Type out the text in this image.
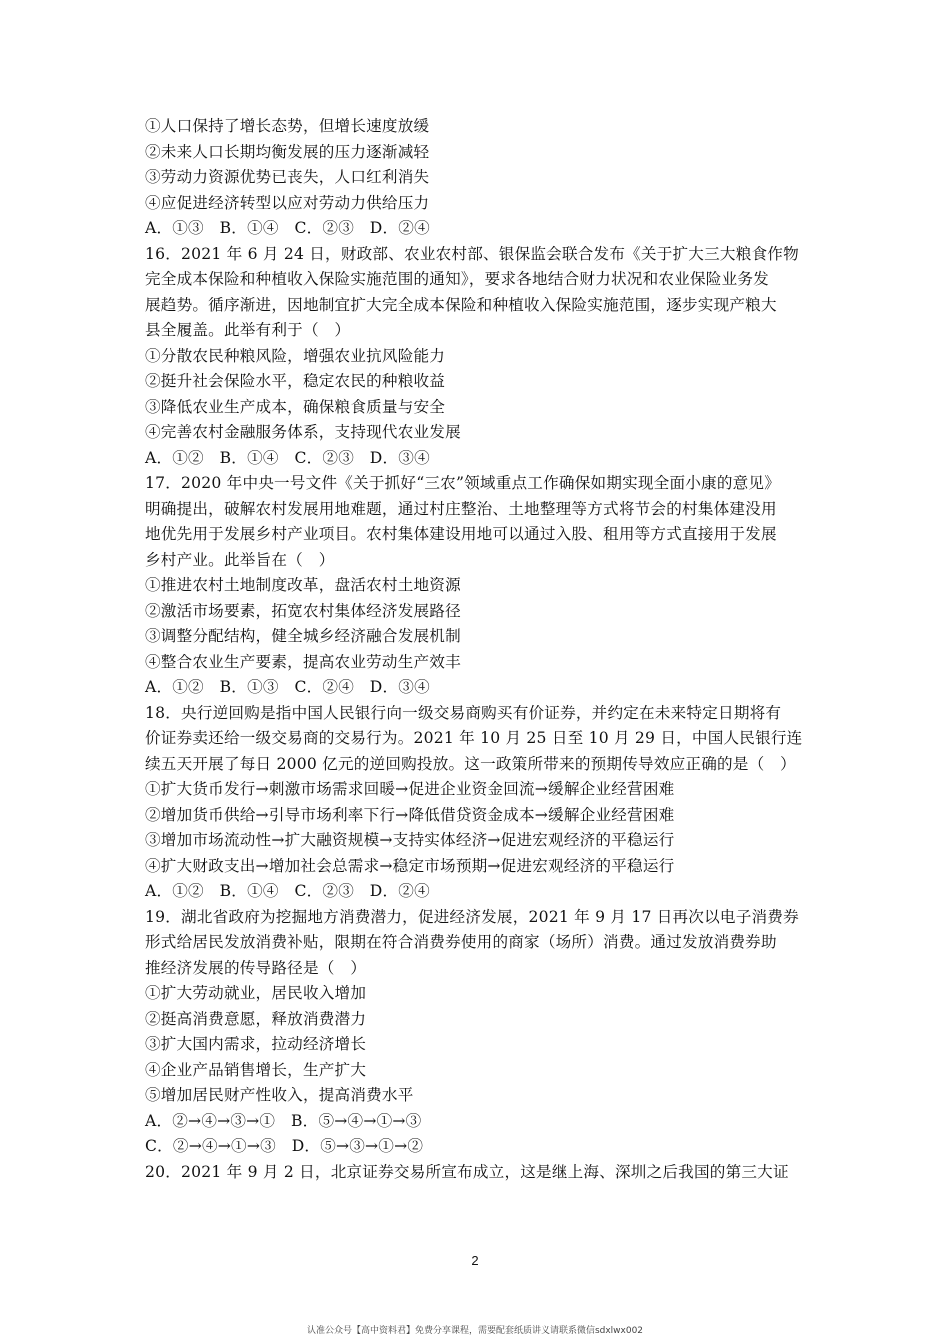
①人口保持了增长态势，但增长速度放缓
②未来人口长期均衡发展的压力逐渐减轻
③劳动力资源优势已丧失，人口红利消失
④应促进经济转型以应对劳动力供给压力
A．①③　B．①④　C．②③　D．②④
16．2021 年 6 月 24 日，财政部、农业农村部、银保监会联合发布《关于扩大三大粮食作物
完全成本保险和种植收入保险实施范围的通知》，要求各地结合财力状况和农业保险业务发
展趋势。循序渐进，因地制宜扩大完全成本保险和种植收入保险实施范围，逐步实现产粮大
县全履盖。此举有利于（　）
①分散农民种粮风险，增强农业抗风险能力
②挺升社会保险水平，稳定农民的种粮收益
③降低农业生产成本，确保粮食质量与安全
④完善农村金融服务体系，支持现代农业发展
A．①②　B．①④　C．②③　D．③④
17．2020 年中央一号文件《关于抓好“三农”领域重点工作确保如期实现全面小康的意见》
明确提出，破解农村发展用地难题，通过村庄整治、土地整理等方式将节会的村集体建没用
地优先用于发展乡村产业项目。农村集体建设用地可以通过入股、租用等方式直接用于发展
乡村产业。此举旨在（　）
①推进农村土地制度改革，盘活农村土地资源
②激活市场要素，拓宽农村集体经济发展路径
③调整分配结构，健全城乡经济融合发展机制
④整合农业生产要素，提高农业劳动生产效丰
A．①②　B．①③　C．②④　D．③④
18．央行逆回购是指中国人民银行向一级交易商购买有价证券，并约定在未来特定日期将有
价证券卖还给一级交易商的交易行为。2021 年 10 月 25 日至 10 月 29 日，中国人民银行连
续五天开展了每日 2000 亿元的逆回购投放。这一政策所带来的预期传导效应正确的是（　）
①扩大货币发行→刺激市场需求回暖→促进企业资金回流→缓解企业经营困难
②增加货币供给→引导市场利率下行→降低借贷资金成本→缓解企业经营困难
③增加市场流动性→扩大融资规模→支持实体经济→促进宏观经济的平稳运行
④扩大财政支出→增加社会总需求→稳定市场预期→促进宏观经济的平稳运行
A．①②　B．①④　C．②③　D．②④
19．湖北省政府为挖掘地方消费潜力，促进经济发展，2021 年 9 月 17 日再次以电子消费券
形式给居民发放消费补贴，限期在符合消费券使用的商家（场所）消费。通过发放消费券助
推经济发展的传导路径是（　）
①扩大劳动就业，居民收入增加
②挺高消费意愿，释放消费潜力
③扩大国内需求，拉动经济增长
④企业产品销售增长，生产扩大
⑤增加居民财产性收入，提高消费水平
A．②→④→③→①　B．⑤→④→①→③
C．②→④→①→③　D．⑤→③→①→②
20．2021 年 9 月 2 日，北京证券交易所宣布成立，这是继上海、深圳之后我国的第三大证
2
认准公众号【高中资料君】免费分享课程，需要配套纸质讲义请联系微信sdxlwx002
